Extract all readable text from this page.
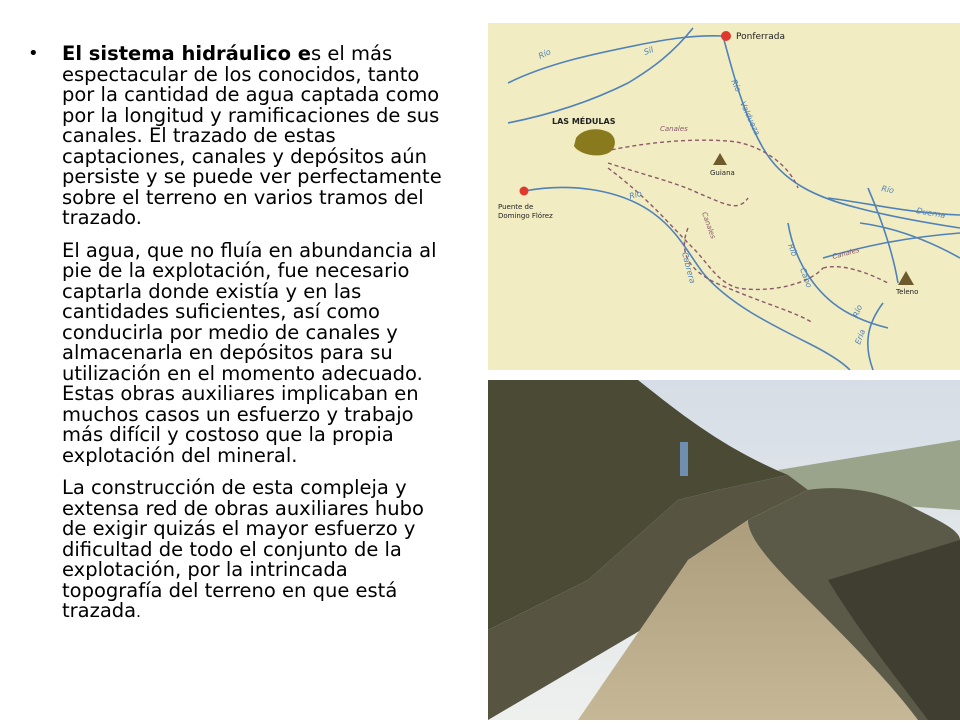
• El sistema hidráulico es el más espectacular de los conocidos, tanto por la cantidad de agua captada como por la longitud y ramificaciones de sus canales. El trazado de estas captaciones, canales y depósitos aún persiste y se puede ver perfectamente sobre el terreno en varios tramos del trazado.

El agua, que no fluía en abundancia al pie de la explotación, fue necesario captarla donde existía y en las cantidades suficientes, así como conducirla por medio de canales y almacenarla en depósitos para su utilización en el momento adecuado. Estas obras auxiliares implicaban en muchos casos un esfuerzo y trabajo más difícil y costoso que la propia explotación del mineral.

La construcción de esta compleja y extensa red de obras auxiliares hubo de exigir quizás el mayor esfuerzo y dificultad de todo el conjunto de la explotación, por la intrincada topografía del terreno en que está trazada.

Ponferrada
LAS MÉDULAS
Puente de
Domingo Flórez
Guiana
Teleno
Río	Sil
Río
Valdueza
Río	Río
Duerna
Río
Cabo
Cabrera
Río
Eria
Canales
Canales
Canales
